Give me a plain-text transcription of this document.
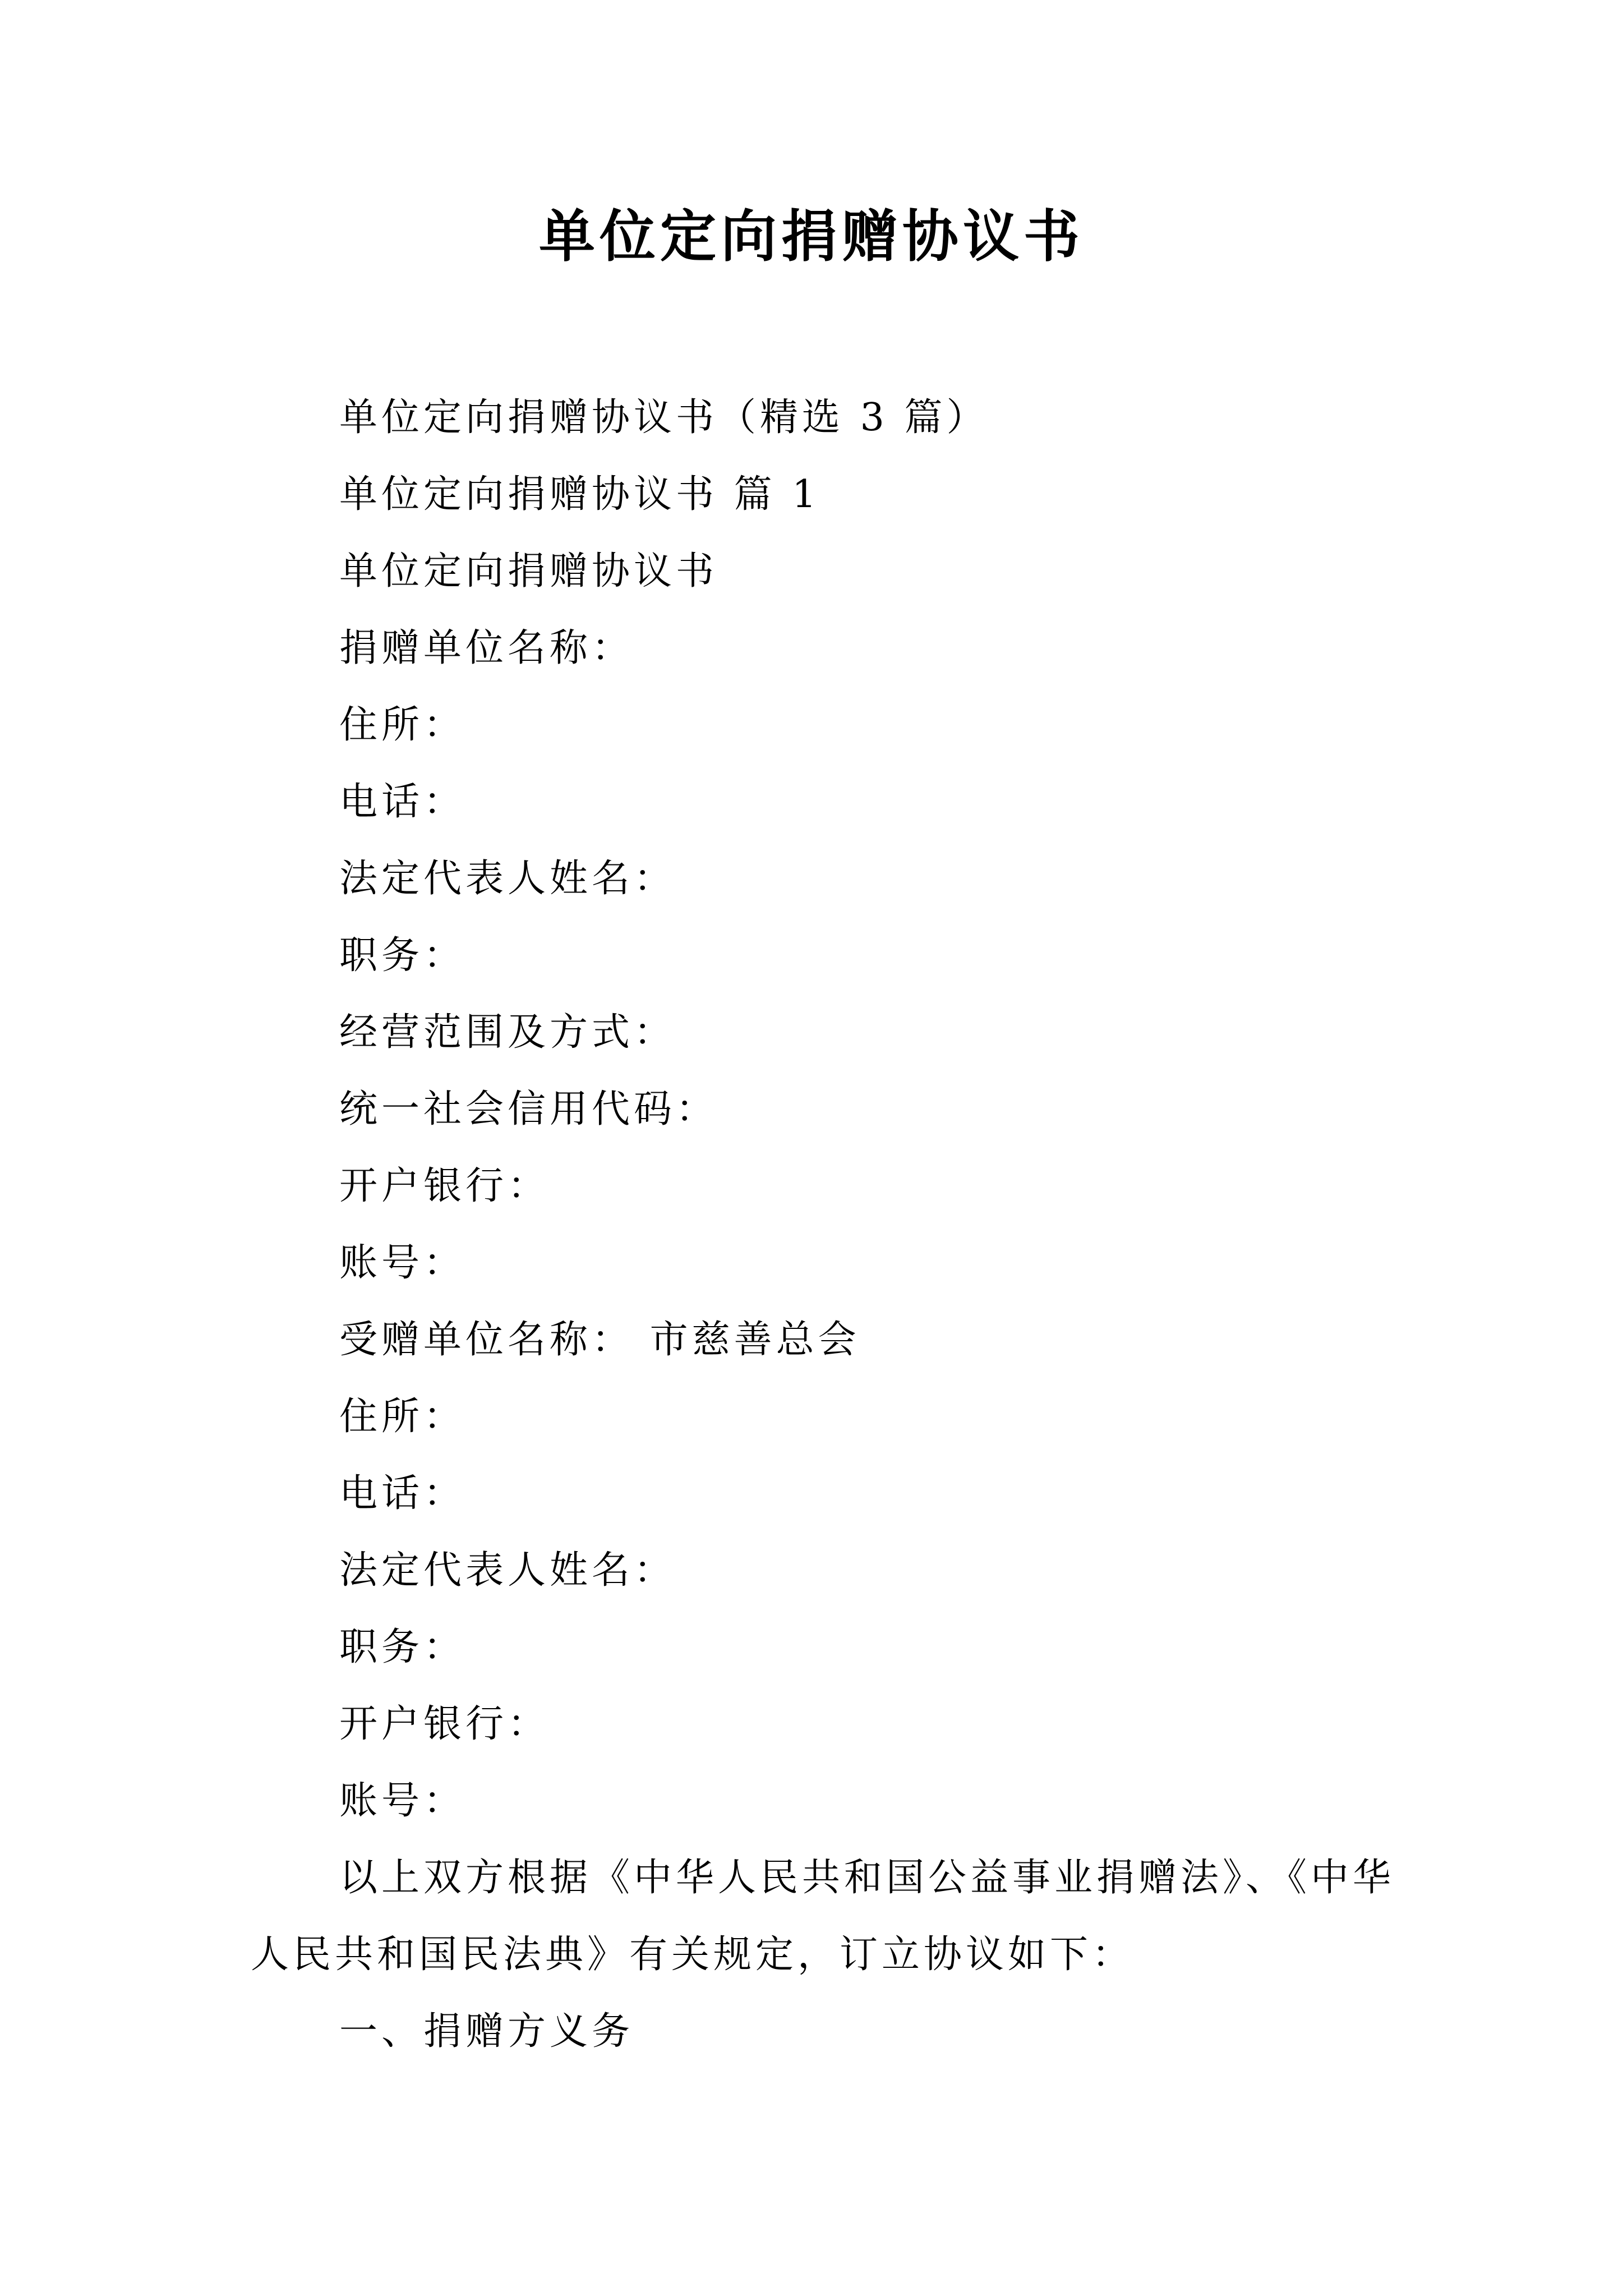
单位定向捐赠协议书

单位定向捐赠协议书（精选 3 篇）

单位定向捐赠协议书 篇 1

单位定向捐赠协议书

捐赠单位名称：

住所：

电话：

法定代表人姓名：

职务：

经营范围及方式：

统一社会信用代码：

开户银行：

账号：

受赠单位名称： 市慈善总会

住所：

电话：

法定代表人姓名：

职务：

开户银行：

账号：

以上双方根据《中华人民共和国公益事业捐赠法》、《中华人民共和国民法典》有关规定，订立协议如下：

一、捐赠方义务
